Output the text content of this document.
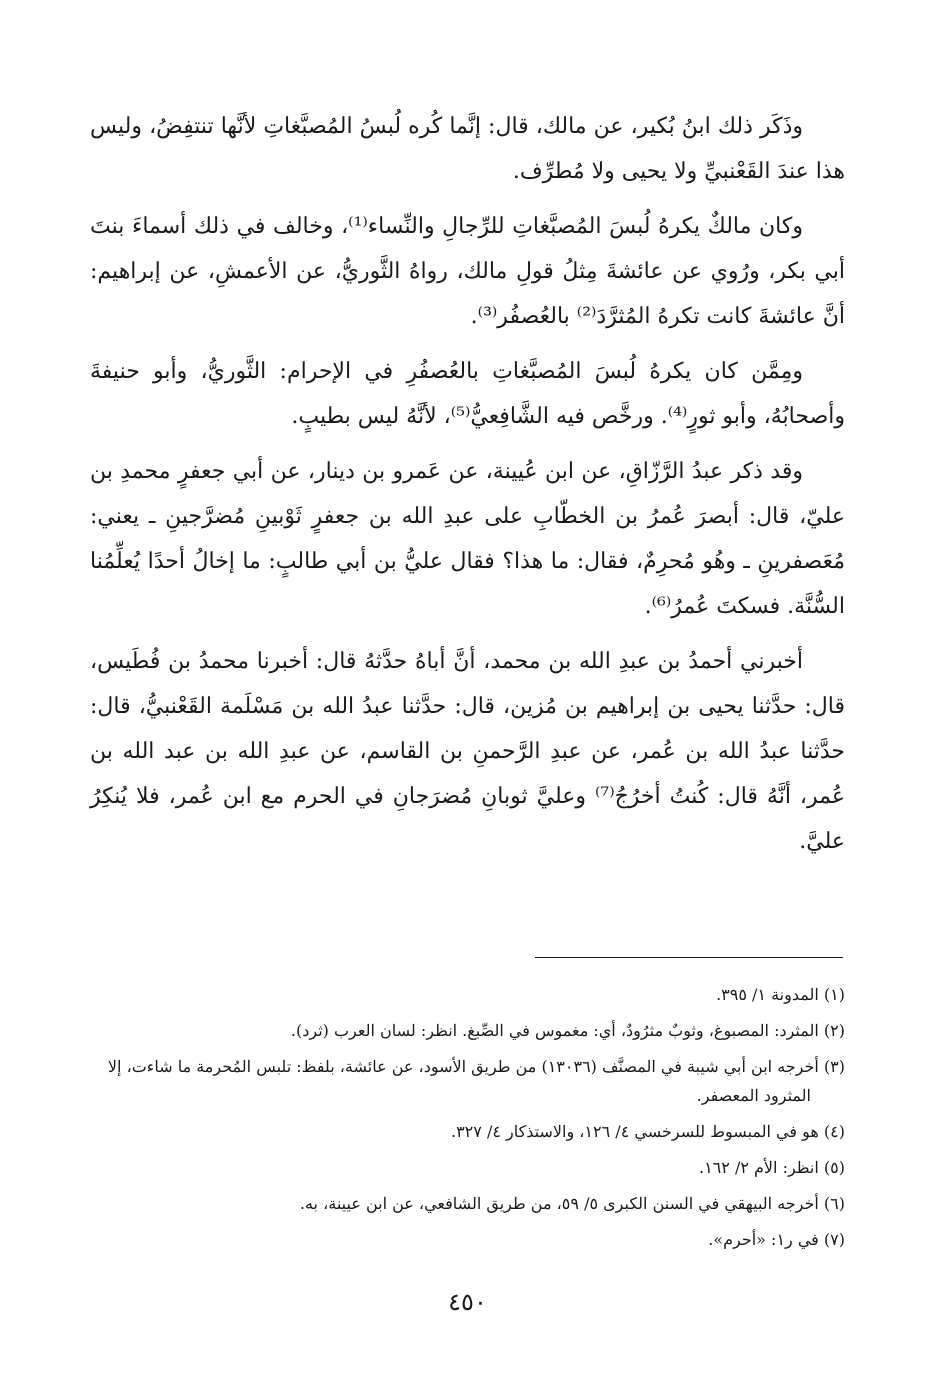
وذَكَر ذلك ابنُ بُكير، عن مالك، قال: إنَّما كُره لُبسُ المُصبَّغاتِ لأنَّها تنتفِضُ، وليس هذا عندَ القَعْنبيِّ ولا يحيى ولا مُطرِّف.

وكان مالكٌ يكرهُ لُبسَ المُصبَّغاتِ للرِّجالِ والنِّساء⁽¹⁾، وخالف في ذلك أسماءَ بنتَ أبي بكر، ورُوي عن عائشةَ مِثلُ قولِ مالك، رواهُ الثَّوريُّ، عن الأعمشِ، عن إبراهيم: أنَّ عائشةَ كانت تكرهُ المُثرَّدَ⁽²⁾ بالعُصفُر⁽³⁾.

ومِمَّن كان يكرهُ لُبسَ المُصبَّغاتِ بالعُصفُرِ في الإحرام: الثَّوريُّ، وأبو حنيفةَ وأصحابُهُ، وأبو ثورٍ⁽⁴⁾. ورخَّص فيه الشَّافِعيُّ⁽⁵⁾، لأنَّهُ ليس بطيبٍ.

وقد ذكر عبدُ الرَّزّاقِ، عن ابن عُيينة، عن عَمرو بن دينار، عن أبي جعفرٍ محمدِ بن عليّ، قال: أبصرَ عُمرُ بن الخطّابِ على عبدِ الله بن جعفرٍ ثَوْبينِ مُضرَّجينِ ـ يعني: مُعَصفرينِ ـ وهُو مُحرِمٌ، فقال: ما هذا؟ فقال عليُّ بن أبي طالبٍ: ما إخالُ أحدًا يُعلِّمُنا السُّنَّة. فسكتَ عُمرُ⁽⁶⁾.

أخبرني أحمدُ بن عبدِ الله بن محمد، أنَّ أباهُ حدَّثهُ قال: أخبرنا محمدُ بن فُطَيس، قال: حدَّثنا يحيى بن إبراهيم بن مُزين، قال: حدَّثنا عبدُ الله بن مَسْلَمة القَعْنبيُّ، قال: حدَّثنا عبدُ الله بن عُمر، عن عبدِ الرَّحمنِ بن القاسم، عن عبدِ الله بن عبد الله بن عُمر، أنَّهُ قال: كُنتُ أخرُجُ⁽⁷⁾ وعليَّ ثوبانِ مُضرَجانِ في الحرم مع ابن عُمر، فلا يُنكِرُ عليَّ.

(١) المدونة ١/ ٣٩٥.

(٢) المثرد: المصبوغ، وثوبٌ مثرُودٌ، أي: مغموس في الصِّبغ. انظر: لسان العرب (ثرد).

(٣) أخرجه ابن أبي شيبة في المصنَّف (١٣٠٣٦) من طريق الأسود، عن عائشة، بلفظ: تلبس المُحرمة ما شاءت، إلا المثرود المعصفر.

(٤) هو في المبسوط للسرخسي ٤/ ١٢٦، والاستذكار ٤/ ٣٢٧.

(٥) انظر: الأم ٢/ ١٦٢.

(٦) أخرجه البيهقي في السنن الكبرى ٥/ ٥٩، من طريق الشافعي، عن ابن عيينة، به.

(٧) في ر١: «أحرم».

٤٥٠
